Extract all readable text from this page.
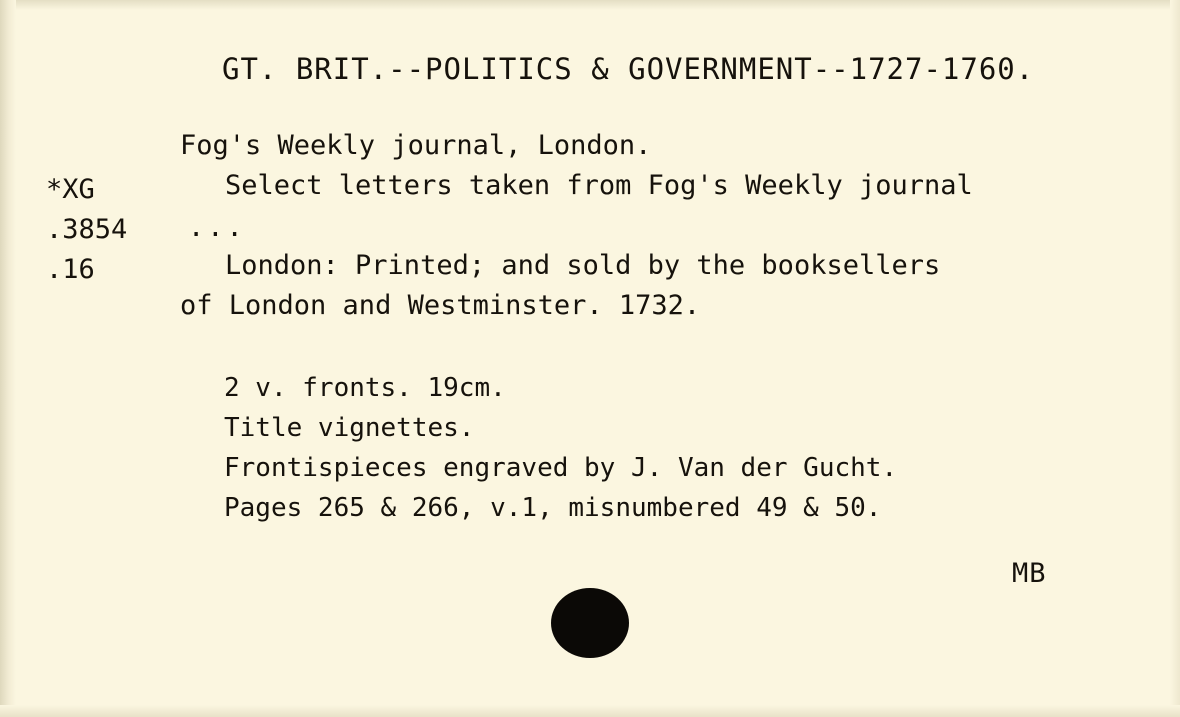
GT. BRIT.--POLITICS & GOVERNMENT--1727-1760.
*XG
.3854
.16
Fog's Weekly journal, London.
Select letters taken from Fog's Weekly journal

London: Printed; and sold by the booksellers
of London and Westminster. 1732.
...
2 v. fronts. 19cm.
Title vignettes.
Frontispieces engraved by J. Van der Gucht.
Pages 265 & 266, v.1, misnumbered 49 & 50.
MB
